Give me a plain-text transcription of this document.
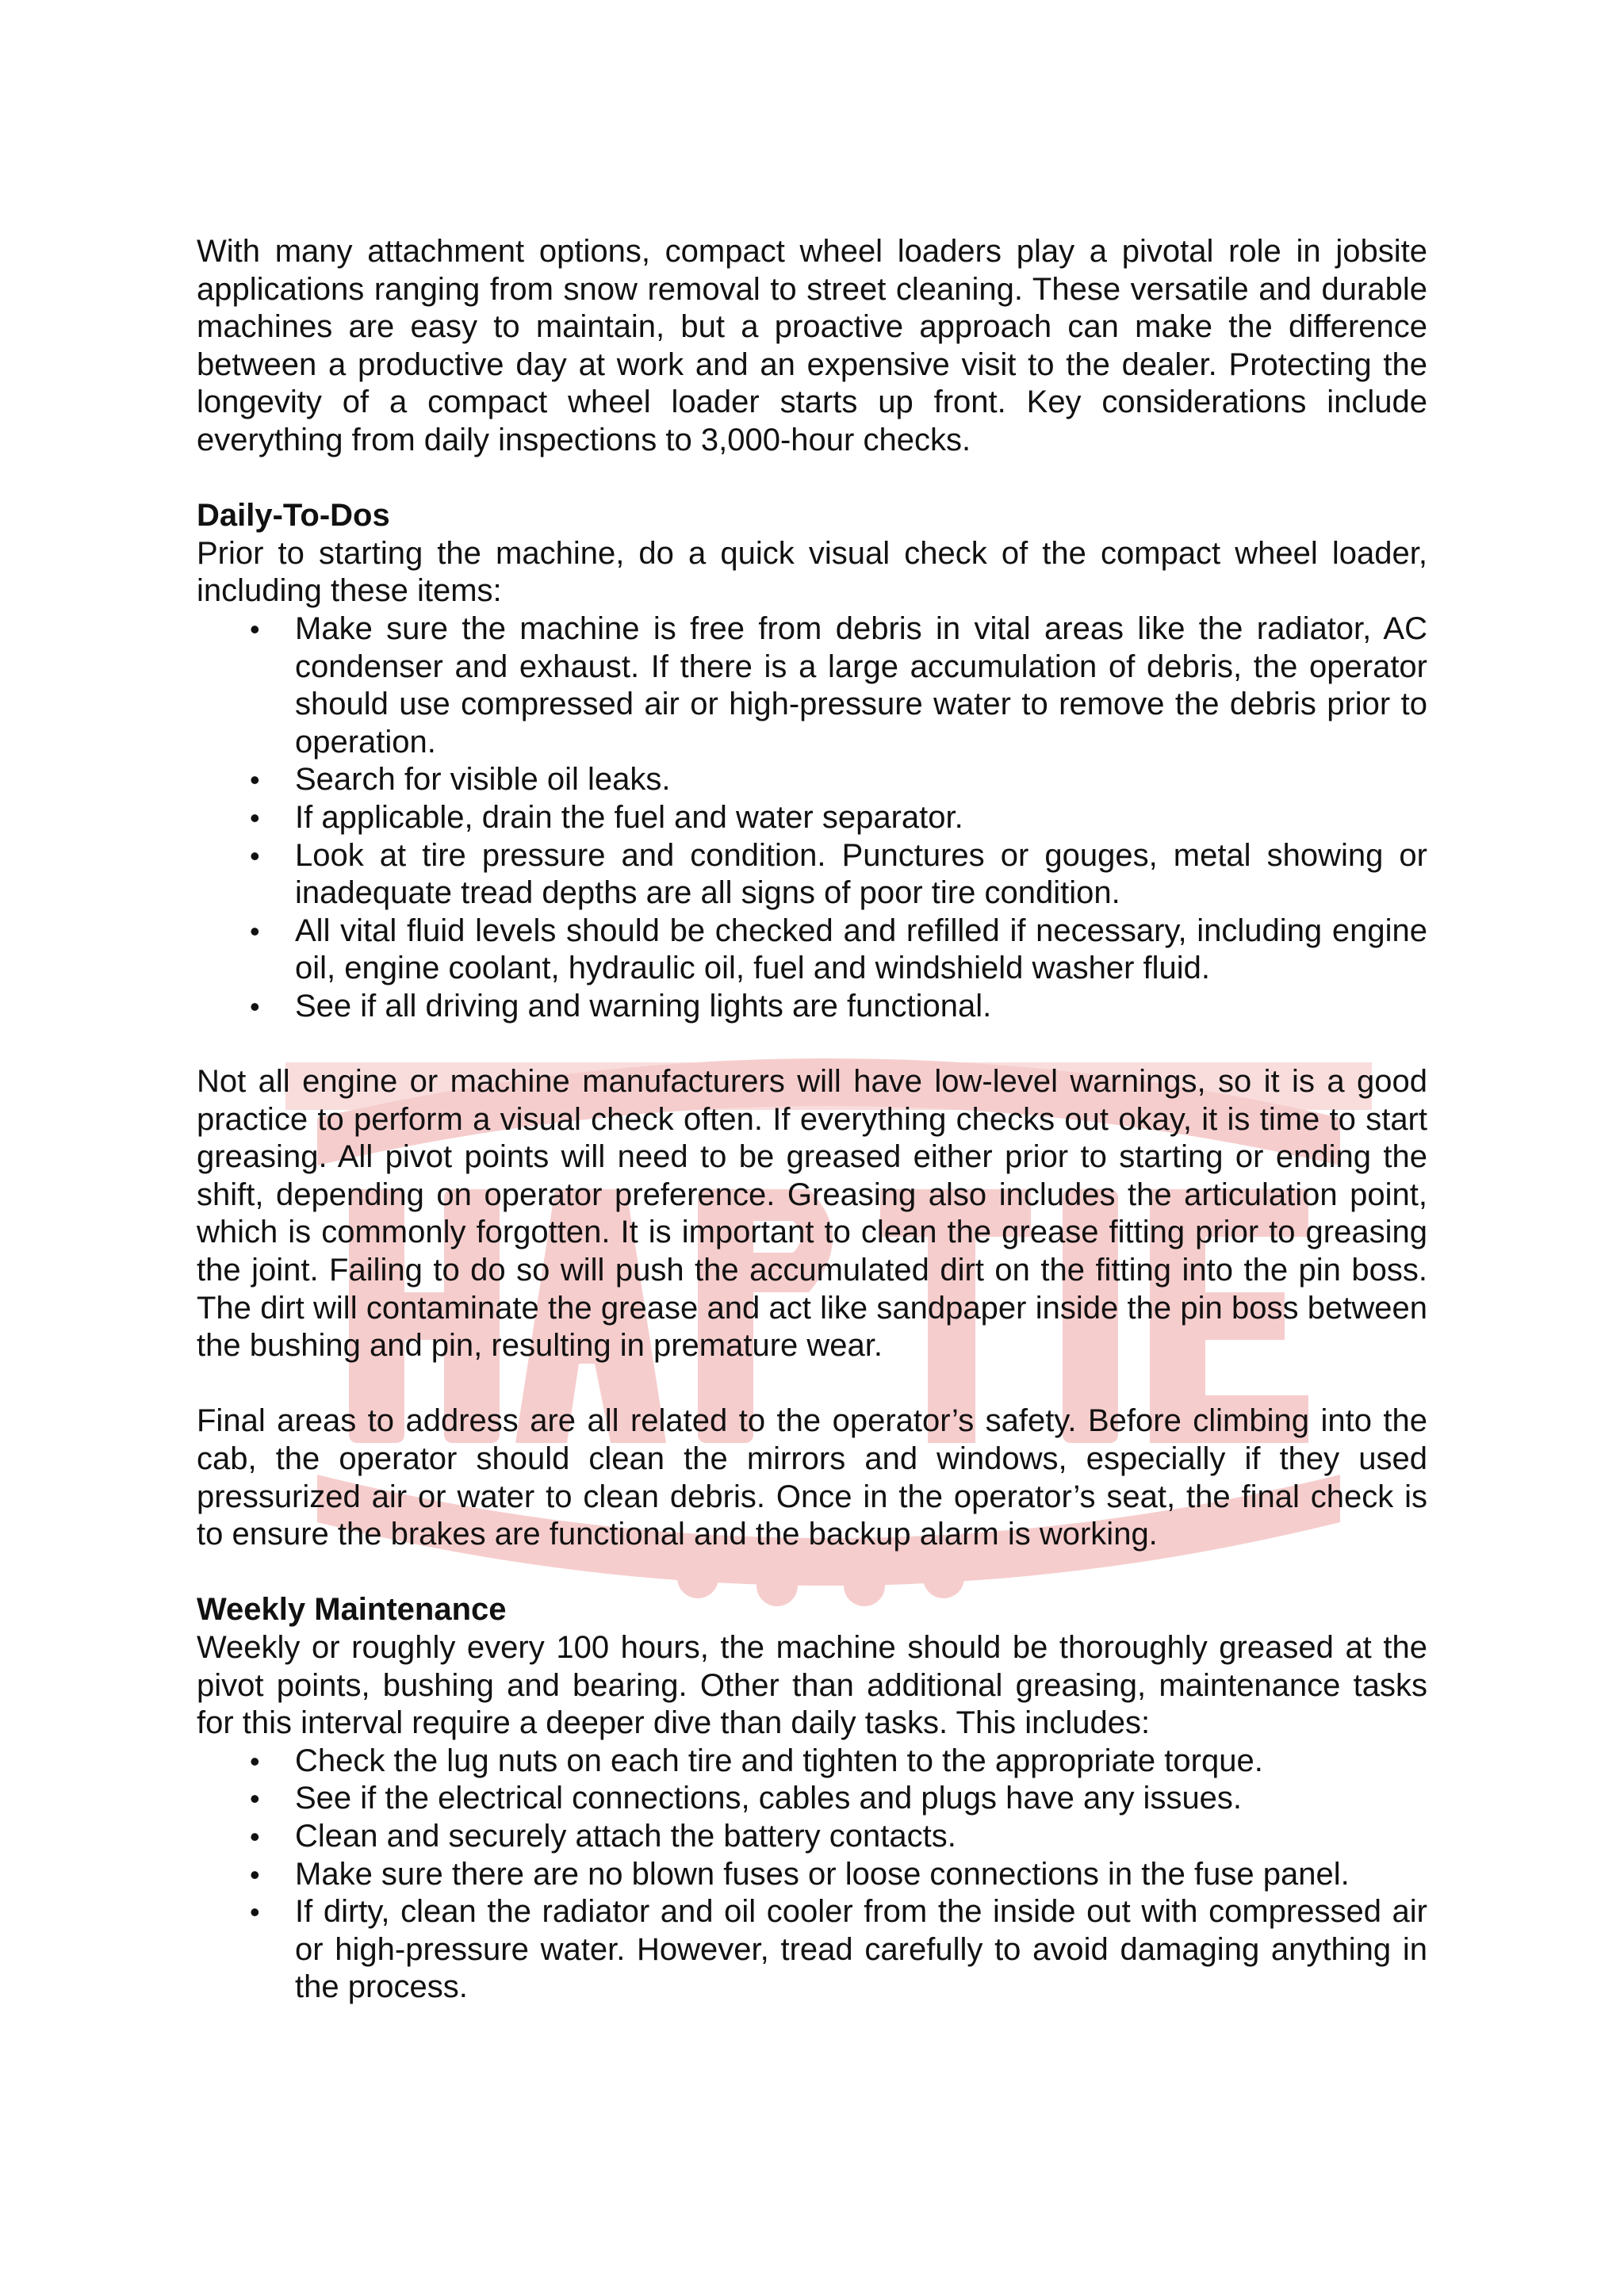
With many attachment options, compact wheel loaders play a pivotal role in jobsite applications ranging from snow removal to street cleaning. These versatile and durable machines are easy to maintain, but a proactive approach can make the difference between a productive day at work and an expensive visit to the dealer. Protecting the longevity of a compact wheel loader starts up front. Key considerations include everything from daily inspections to 3,000-hour checks.

Daily-To-Dos

Prior to starting the machine, do a quick visual check of the compact wheel loader, including these items:

• Make sure the machine is free from debris in vital areas like the radiator, AC condenser and exhaust. If there is a large accumulation of debris, the operator should use compressed air or high-pressure water to remove the debris prior to operation.
• Search for visible oil leaks.
• If applicable, drain the fuel and water separator.
• Look at tire pressure and condition. Punctures or gouges, metal showing or inadequate tread depths are all signs of poor tire condition.
• All vital fluid levels should be checked and refilled if necessary, including engine oil, engine coolant, hydraulic oil, fuel and windshield washer fluid.
• See if all driving and warning lights are functional.

Not all engine or machine manufacturers will have low-level warnings, so it is a good practice to perform a visual check often. If everything checks out okay, it is time to start greasing. All pivot points will need to be greased either prior to starting or ending the shift, depending on operator preference. Greasing also includes the articulation point, which is commonly forgotten. It is important to clean the grease fitting prior to greasing the joint. Failing to do so will push the accumulated dirt on the fitting into the pin boss. The dirt will contaminate the grease and act like sandpaper inside the pin boss between the bushing and pin, resulting in premature wear.

Final areas to address are all related to the operator’s safety. Before climbing into the cab, the operator should clean the mirrors and windows, especially if they used pressurized air or water to clean debris. Once in the operator’s seat, the final check is to ensure the brakes are functional and the backup alarm is working.

Weekly Maintenance

Weekly or roughly every 100 hours, the machine should be thoroughly greased at the pivot points, bushing and bearing. Other than additional greasing, maintenance tasks for this interval require a deeper dive than daily tasks. This includes:

• Check the lug nuts on each tire and tighten to the appropriate torque.
• See if the electrical connections, cables and plugs have any issues.
• Clean and securely attach the battery contacts.
• Make sure there are no blown fuses or loose connections in the fuse panel.
• If dirty, clean the radiator and oil cooler from the inside out with compressed air or high-pressure water. However, tread carefully to avoid damaging anything in the process.
